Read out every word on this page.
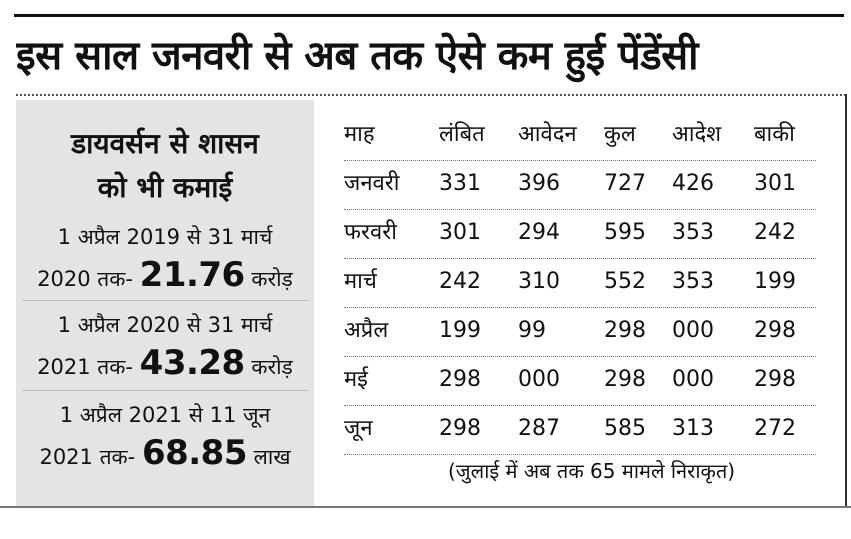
इस साल जनवरी से अब तक ऐसे कम हुई पेंडेंसी
डायवर्सन से शासन
को भी कमाई
1 अप्रैल 2019 से 31 मार्च
2020 तक- 21.76 करोड़
1 अप्रैल 2020 से 31 मार्च
2021 तक- 43.28 करोड़
1 अप्रैल 2021 से 11 जून
2021 तक- 68.85 लाख
माह	लंबित आवेदन कुल आदेश बाकी
जनवरी 331 396 727 426 301
फरवरी 301 294 595 353 242
मार्च	242 310 552 353 199
अप्रैल 199 99	298 000 298
मई	298 000 298 000 298
जून	298 287 585 313 272
(जुलाई में अब तक 65 मामले निराकृत)
